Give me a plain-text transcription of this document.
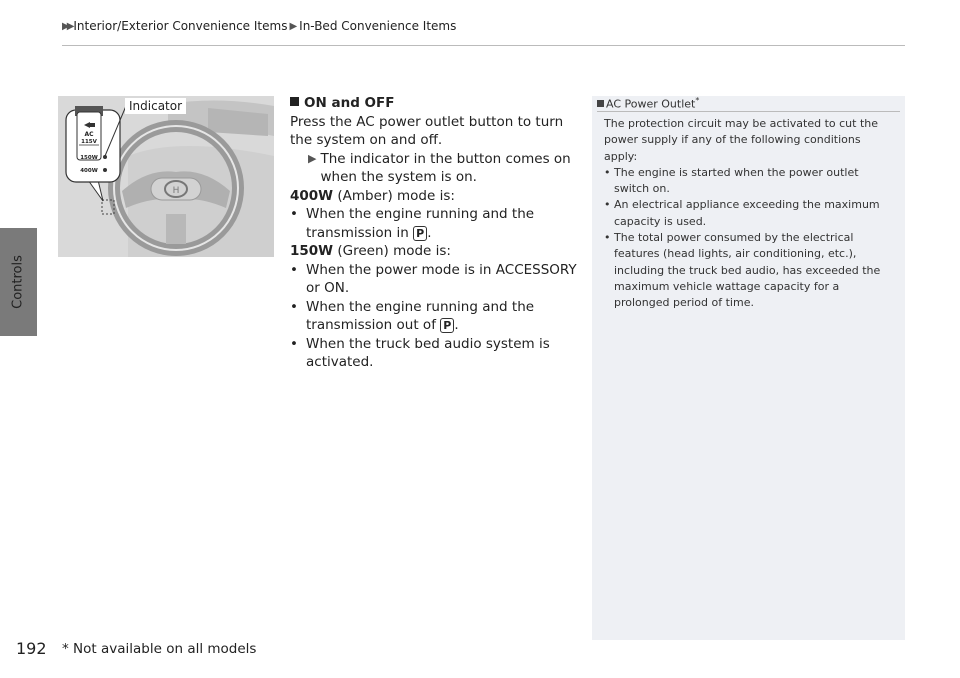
▶▶ Interior/Exterior Convenience Items ▶ In-Bed Convenience Items
Controls
H
AC
115V
150W
400W
Indicator	ON and OFF

Press the AC power outlet button to turn the system on and off.

▶ The indicator in the button comes on when the system is on.

400W (Amber) mode is:

• When the engine running and the transmission in P .

150W (Green) mode is:

• When the power mode is in ACCESSORY or ON.
• When the engine running and the transmission out of P .
• When the truck bed audio system is activated.
AC Power Outlet*

The protection circuit may be activated to cut the power supply if any of the following conditions apply:

• The engine is started when the power outlet switch on.
• An electrical appliance exceeding the maximum capacity is used.
• The total power consumed by the electrical features (head lights, air conditioning, etc.), including the truck bed audio, has exceeded the maximum vehicle wattage capacity for a prolonged period of time.
192 * Not available on all models
